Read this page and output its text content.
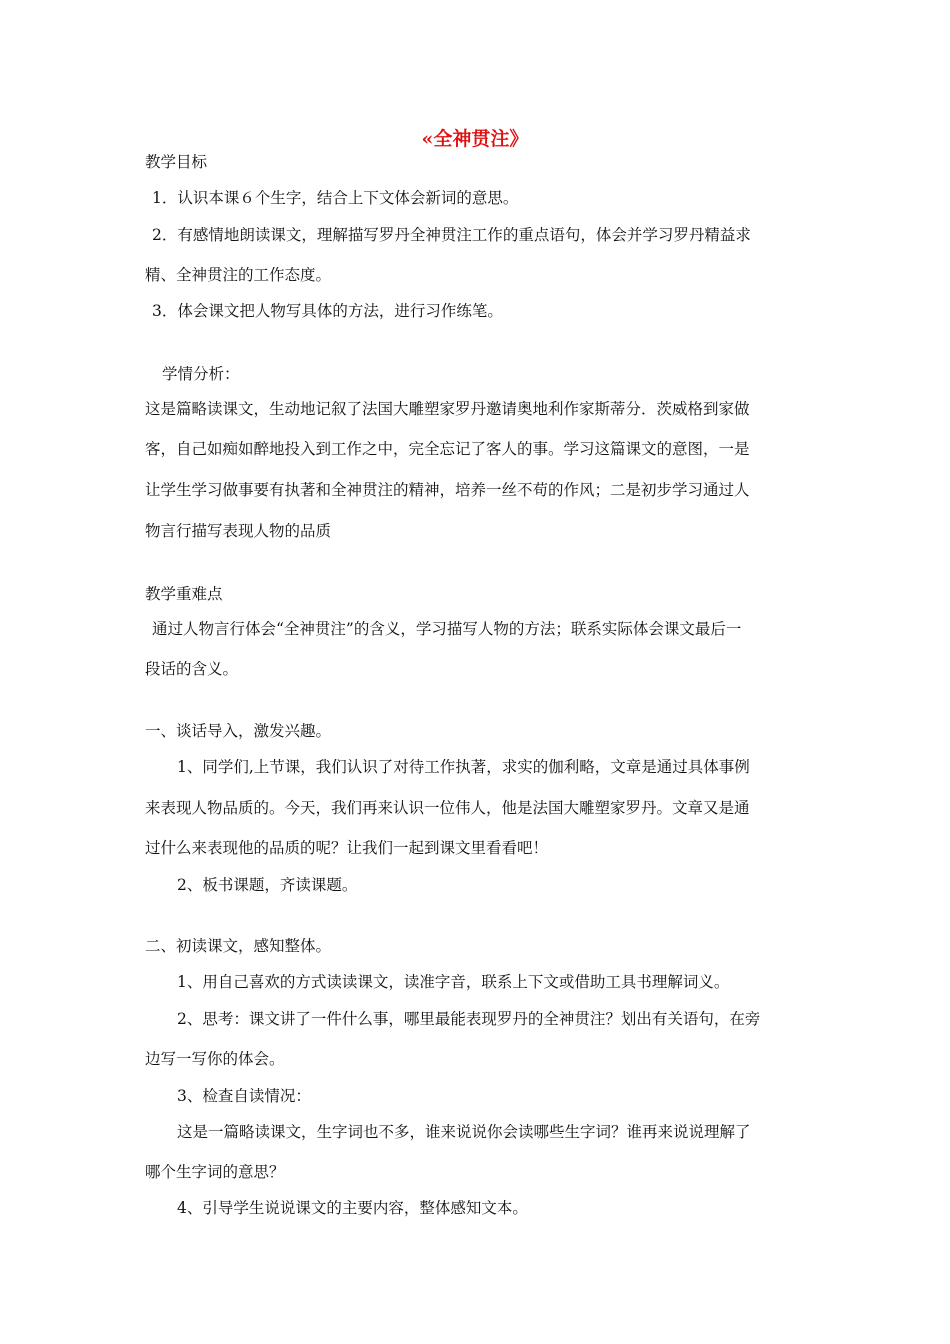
«全神贯注》
教学目标
1．认识本课６个生字，结合上下文体会新词的意思。
2．有感情地朗读课文，理解描写罗丹全神贯注工作的重点语句，体会并学习罗丹精益求
精、全神贯注的工作态度。
3．体会课文把人物写具体的方法，进行习作练笔。
学情分析：
这是篇略读课文，生动地记叙了法国大雕塑家罗丹邀请奥地利作家斯蒂分．茨威格到家做
客，自己如痴如醉地投入到工作之中，完全忘记了客人的事。学习这篇课文的意图，一是
让学生学习做事要有执著和全神贯注的精神，培养一丝不苟的作风；二是初步学习通过人
物言行描写表现人物的品质
教学重难点
通过人物言行体会“全神贯注”的含义，学习描写人物的方法；联系实际体会课文最后一
段话的含义。
一、谈话导入，激发兴趣。
1、同学们,上节课，我们认识了对待工作执著，求实的伽利略，文章是通过具体事例
来表现人物品质的。今天，我们再来认识一位伟人，他是法国大雕塑家罗丹。文章又是通
过什么来表现他的品质的呢？让我们一起到课文里看看吧！
2、板书课题，齐读课题。
二、初读课文，感知整体。
1、用自己喜欢的方式读读课文，读准字音，联系上下文或借助工具书理解词义。
2、思考：课文讲了一件什么事，哪里最能表现罗丹的全神贯注？划出有关语句，在旁
边写一写你的体会。
3、检查自读情况：
这是一篇略读课文，生字词也不多，谁来说说你会读哪些生字词？谁再来说说理解了
哪个生字词的意思？
4、引导学生说说课文的主要内容，整体感知文本。
